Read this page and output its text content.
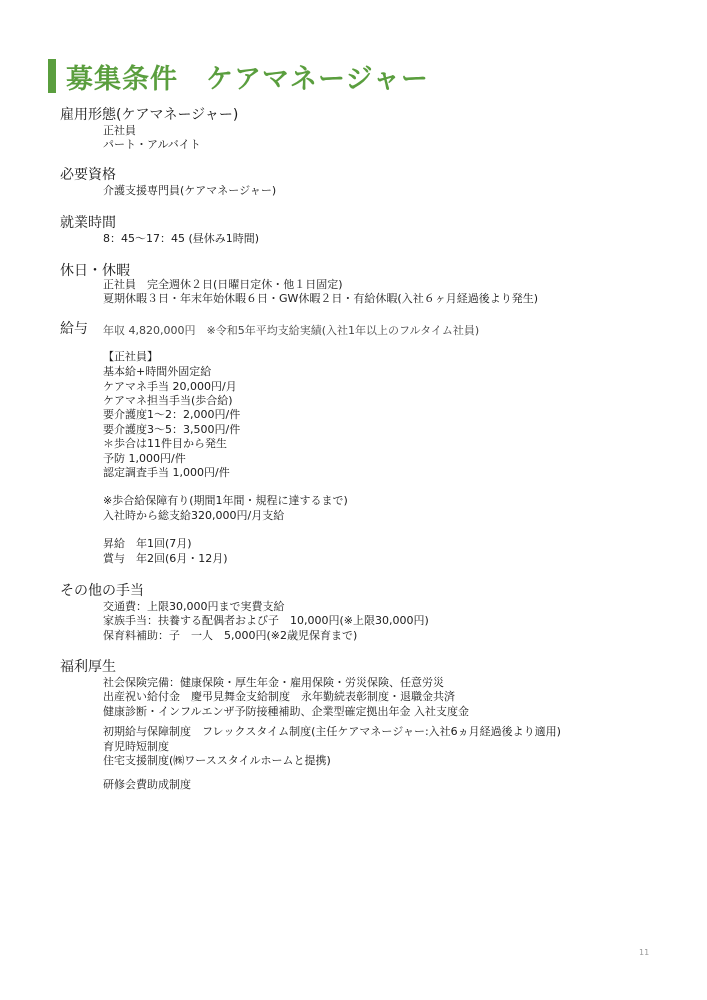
募集条件　ケアマネージャー
雇用形態(ケアマネージャー)
正社員
パート・アルバイト
必要資格
介護支援専門員(ケアマネージャー)
就業時間
8：45～17：45 (昼休み1時間)
休日・休暇
正社員　完全週休２日(日曜日定休・他１日固定)
夏期休暇３日・年末年始休暇６日・GW休暇２日・有給休暇(入社６ヶ月経過後より発生)
給与 年収 4,820,000円　※令和5年平均支給実績(入社1年以上のフルタイム社員)
【正社員】
基本給+時間外固定給
ケアマネ手当 20,000円/月
ケアマネ担当手当(歩合給)
要介護度1～2：2,000円/件
要介護度3～5：3,500円/件
＊歩合は11件目から発生
予防 1,000円/件
認定調査手当 1,000円/件
※歩合給保障有り(期間1年間・規程に達するまで)
入社時から総支給320,000円/月支給
昇給　年1回(7月)
賞与　年2回(6月・12月)
その他の手当
交通費：上限30,000円まで実費支給
家族手当：扶養する配偶者および子　10,000円(※上限30,000円)
保育料補助：子　一人　5,000円(※2歳児保育まで)
福利厚生
社会保険完備：健康保険・厚生年金・雇用保険・労災保険、任意労災
出産祝い給付金　慶弔見舞金支給制度　永年勤続表彰制度・退職金共済
健康診断・インフルエンザ予防接種補助、企業型確定拠出年金 入社支度金
初期給与保障制度　フレックスタイム制度(主任ケアマネージャー:入社6ヵ月経過後より適用)
育児時短制度
住宅支援制度(㈱ワーススタイルホームと提携)
研修会費助成制度
11
